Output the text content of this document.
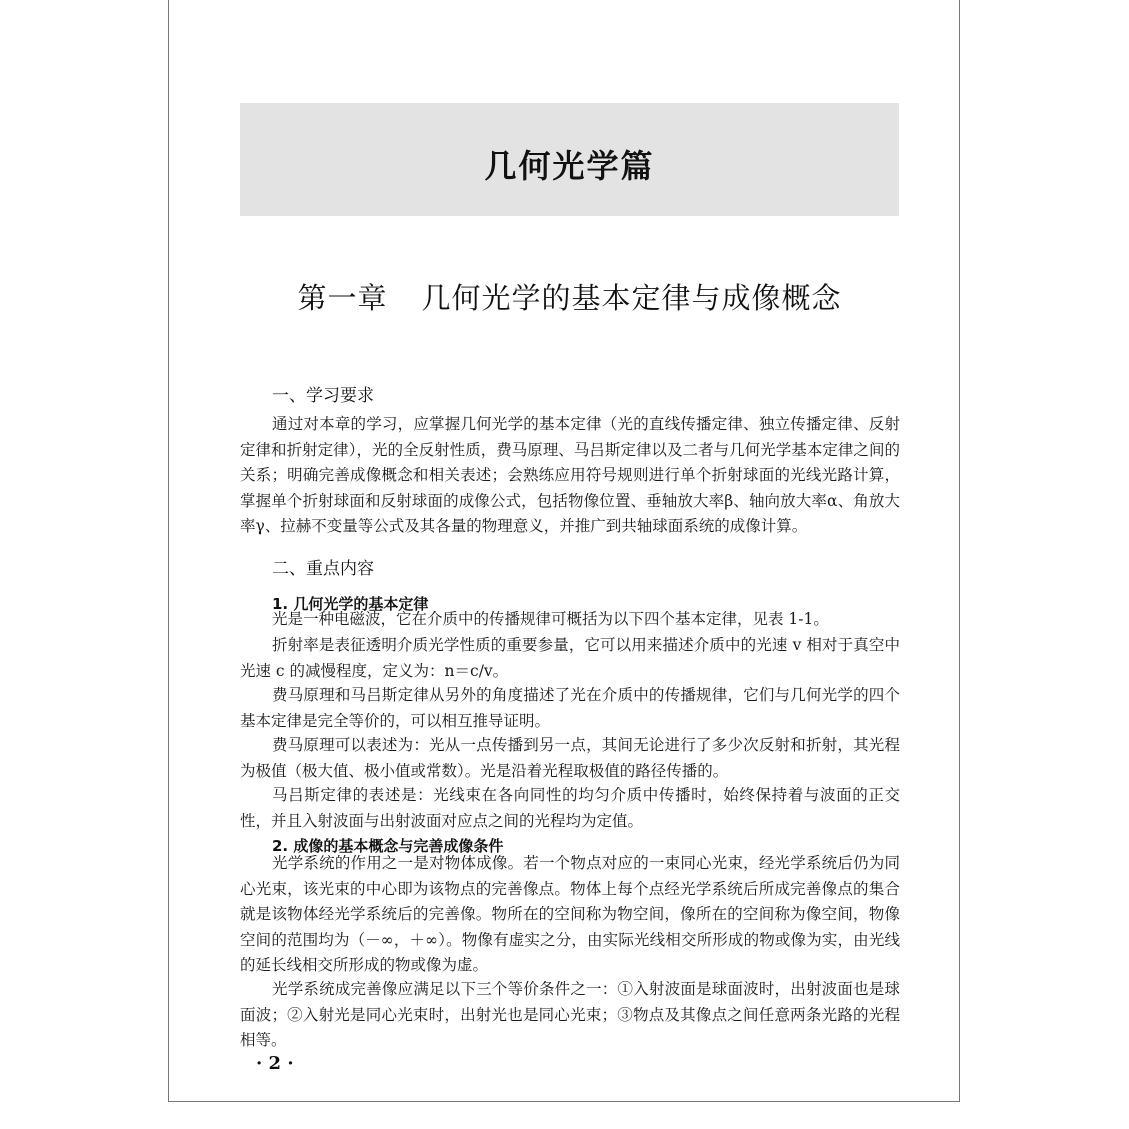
几何光学篇
第一章 几何光学的基本定律与成像概念
一、学习要求
通过对本章的学习，应掌握几何光学的基本定律（光的直线传播定律、独立传播定律、反射定律和折射定律），光的全反射性质，费马原理、马吕斯定律以及二者与几何光学基本定律之间的关系；明确完善成像概念和相关表述；会熟练应用符号规则进行单个折射球面的光线光路计算，掌握单个折射球面和反射球面的成像公式，包括物像位置、垂轴放大率β、轴向放大率α、角放大率γ、拉赫不变量等公式及其各量的物理意义，并推广到共轴球面系统的成像计算。
二、重点内容
1. 几何光学的基本定律
光是一种电磁波，它在介质中的传播规律可概括为以下四个基本定律，见表 1-1。
折射率是表征透明介质光学性质的重要参量，它可以用来描述介质中的光速 v 相对于真空中光速 c 的减慢程度，定义为：n＝c/v。
费马原理和马吕斯定律从另外的角度描述了光在介质中的传播规律，它们与几何光学的四个基本定律是完全等价的，可以相互推导证明。
费马原理可以表述为：光从一点传播到另一点，其间无论进行了多少次反射和折射，其光程为极值（极大值、极小值或常数）。光是沿着光程取极值的路径传播的。
马吕斯定律的表述是：光线束在各向同性的均匀介质中传播时，始终保持着与波面的正交性，并且入射波面与出射波面对应点之间的光程均为定值。
2. 成像的基本概念与完善成像条件
光学系统的作用之一是对物体成像。若一个物点对应的一束同心光束，经光学系统后仍为同心光束，该光束的中心即为该物点的完善像点。物体上每个点经光学系统后所成完善像点的集合就是该物体经光学系统后的完善像。物所在的空间称为物空间，像所在的空间称为像空间，物像空间的范围均为（－∞，＋∞）。物像有虚实之分，由实际光线相交所形成的物或像为实，由光线的延长线相交所形成的物或像为虚。
光学系统成完善像应满足以下三个等价条件之一：①入射波面是球面波时，出射波面也是球面波；②入射光是同心光束时，出射光也是同心光束；③物点及其像点之间任意两条光路的光程相等。
· 2 ·
